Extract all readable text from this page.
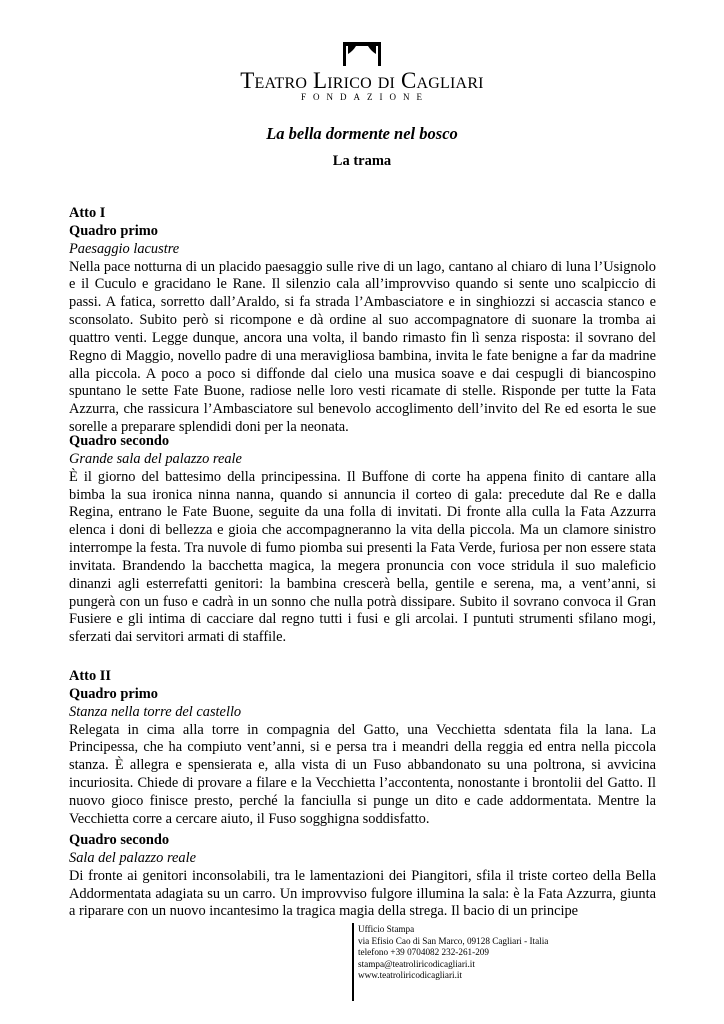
Teatro Lirico di Cagliari
FONDAZIONE
La bella dormente nel bosco
La trama

Atto I

Quadro primo

Paesaggio lacustre

Nella pace notturna di un placido paesaggio sulle rive di un lago, cantano al chiaro di luna l’Usignolo e il Cuculo e gracidano le Rane. Il silenzio cala all’improvviso quando si sente uno scalpiccio di passi. A fatica, sorretto dall’Araldo, si fa strada l’Ambasciatore e in singhiozzi si accascia stanco e sconsolato. Subito però si ricompone e dà ordine al suo accompagnatore di suonare la tromba ai quattro venti. Legge dunque, ancora una volta, il bando rimasto fin lì senza risposta: il sovrano del Regno di Maggio, novello padre di una meravigliosa bambina, invita le fate benigne a far da madrine alla piccola. A poco a poco si diffonde dal cielo una musica soave e dai cespugli di biancospino spuntano le sette Fate Buone, radiose nelle loro vesti ricamate di stelle. Risponde per tutte la Fata Azzurra, che rassicura l’Ambasciatore sul benevolo accoglimento dell’invito del Re ed esorta le sue sorelle a preparare splendidi doni per la neonata.

Quadro secondo

Grande sala del palazzo reale

È il giorno del battesimo della principessina. Il Buffone di corte ha appena finito di cantare alla bimba la sua ironica ninna nanna, quando si annuncia il corteo di gala: precedute dal Re e dalla Regina, entrano le Fate Buone, seguite da una folla di invitati. Di fronte alla culla la Fata Azzurra elenca i doni di bellezza e gioia che accompagneranno la vita della piccola. Ma un clamore sinistro interrompe la festa. Tra nuvole di fumo piomba sui presenti la Fata Verde, furiosa per non essere stata invitata. Brandendo la bacchetta magica, la megera pronuncia con voce stridula il suo maleficio dinanzi agli esterrefatti genitori: la bambina crescerà bella, gentile e serena, ma, a vent’anni, si pungerà con un fuso e cadrà in un sonno che nulla potrà dissipare. Subito il sovrano convoca il Gran Fusiere e gli intima di cacciare dal regno tutti i fusi e gli arcolai. I puntuti strumenti sfilano mogi, sferzati dai servitori armati di staffile.

Atto II

Quadro primo

Stanza nella torre del castello

Relegata in cima alla torre in compagnia del Gatto, una Vecchietta sdentata fila la lana. La Principessa, che ha compiuto vent’anni, si e persa tra i meandri della reggia ed entra nella piccola stanza. È allegra e spensierata e, alla vista di un Fuso abbandonato su una poltrona, si avvicina incuriosita. Chiede di provare a filare e la Vecchietta l’accontenta, nonostante i brontolii del Gatto. Il nuovo gioco finisce presto, perché la fanciulla si punge un dito e cade addormentata. Mentre la Vecchietta corre a cercare aiuto, il Fuso sogghigna soddisfatto.

Quadro secondo

Sala del palazzo reale

Di fronte ai genitori inconsolabili, tra le lamentazioni dei Piangitori, sfila il triste corteo della Bella Addormentata adagiata su un carro. Un improvviso fulgore illumina la sala: è la Fata Azzurra, giunta a riparare con un nuovo incantesimo la tragica magia della strega. Il bacio di un principe

Ufficio Stampa
via Efisio Cao di San Marco, 09128 Cagliari - Italia
telefono +39 0704082 232-261-209
stampa@teatroliricodicagliari.it
www.teatroliricodicagliari.it
